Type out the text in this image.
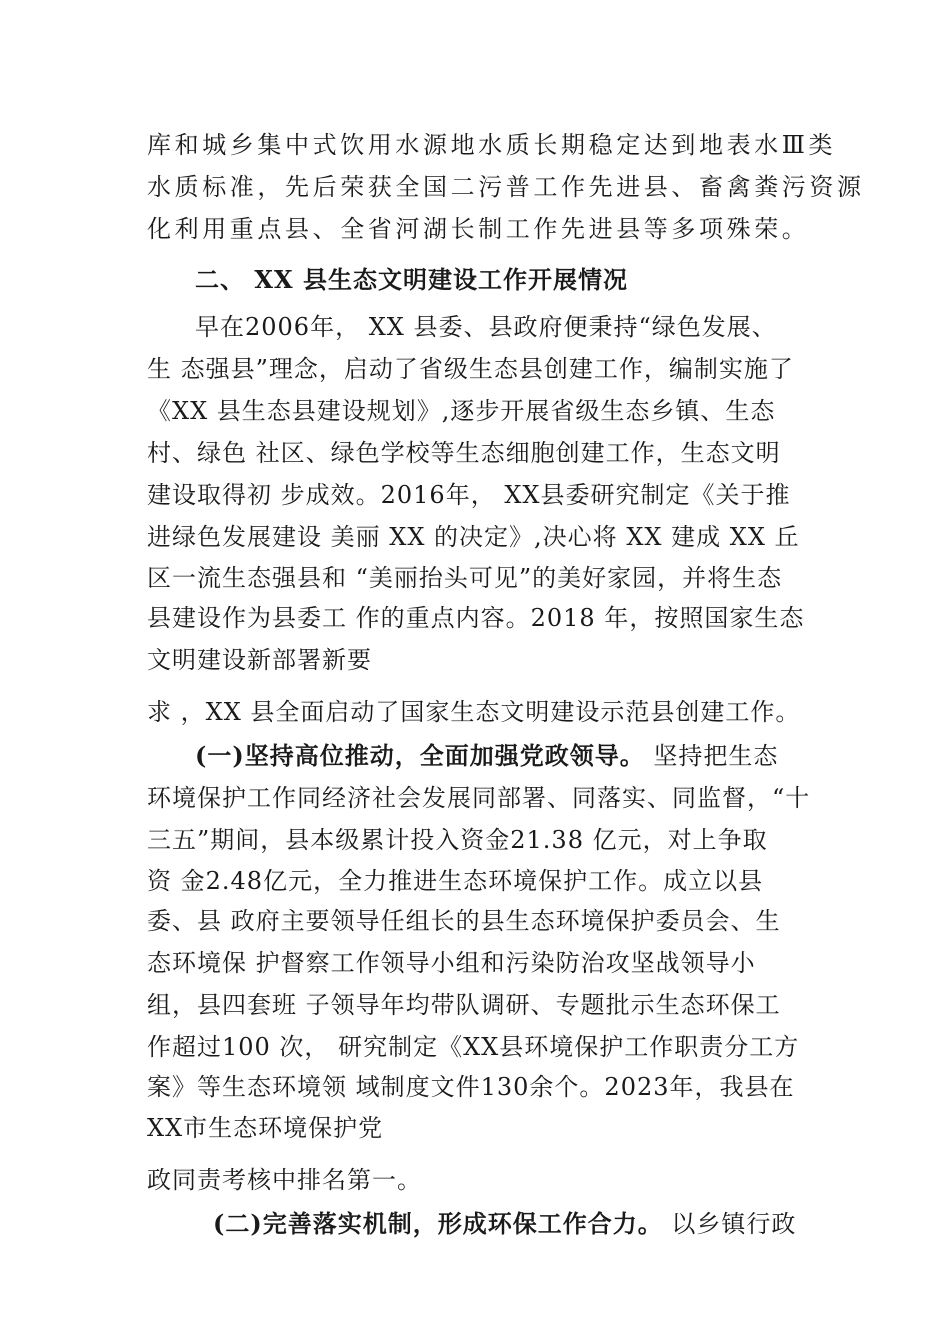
库和城乡集中式饮用水源地水质长期稳定达到地表水Ⅲ类
水质标准，先后荣获全国二污普工作先进县、畜禽粪污资源
化利用重点县、全省河湖长制工作先进县等多项殊荣。
二、 XX 县生态文明建设工作开展情况
早在2006年， XX 县委、县政府便秉持“绿色发展、
生 态强县”理念，启动了省级生态县创建工作，编制实施了
《XX 县生态县建设规划》,逐步开展省级生态乡镇、生态
村、绿色 社区、绿色学校等生态细胞创建工作，生态文明
建设取得初 步成效。2016年， XX县委研究制定《关于推
进绿色发展建设 美丽 XX 的决定》,决心将 XX 建成 XX 丘
区一流生态强县和 “美丽抬头可见”的美好家园，并将生态
县建设作为县委工 作的重点内容。2018 年，按照国家生态
文明建设新部署新要
求 ，XX 县全面启动了国家生态文明建设示范县创建工作。
(一)坚持高位推动，全面加强党政领导。 坚持把生态
环境保护工作同经济社会发展同部署、同落实、同监督，“十
三五”期间，县本级累计投入资金21.38 亿元，对上争取
资 金2.48亿元，全力推进生态环境保护工作。成立以县
委、县 政府主要领导任组长的县生态环境保护委员会、生
态环境保 护督察工作领导小组和污染防治攻坚战领导小
组，县四套班 子领导年均带队调研、专题批示生态环保工
作超过100 次， 研究制定《XX县环境保护工作职责分工方
案》等生态环境领 域制度文件130余个。2023年，我县在
XX市生态环境保护党
政同责考核中排名第一。
(二)完善落实机制，形成环保工作合力。 以乡镇行政
